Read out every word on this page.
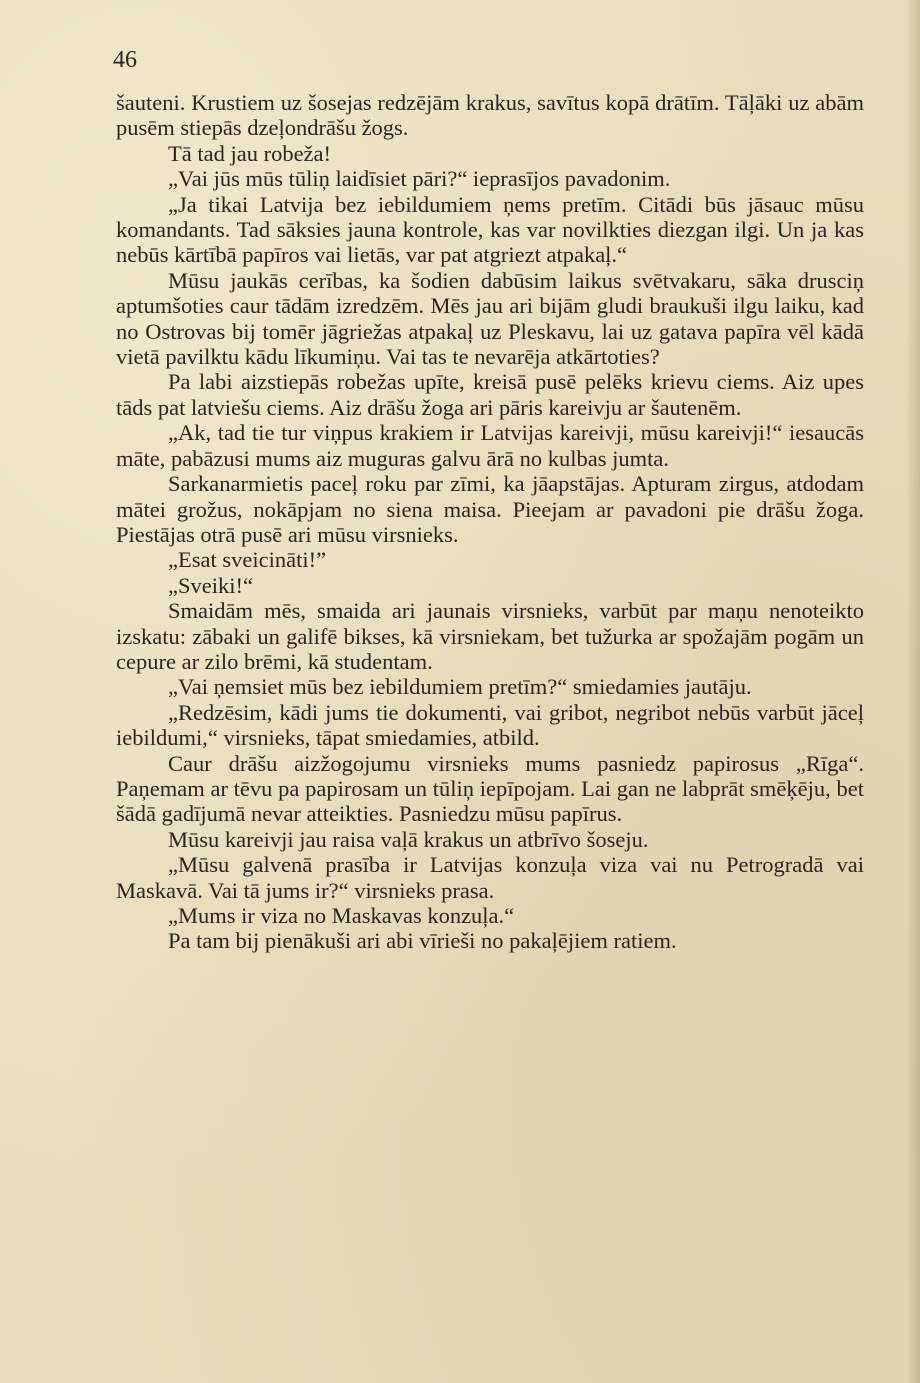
46

šauteni. Krustiem uz šosejas redzējām krakus, savītus kopā drātīm. Tāļāki uz abām pusēm stiepās dzeļondrāšu žogs.

Tā tad jau robeža!

„Vai jūs mūs tūliņ laidīsiet pāri?“ ieprasījos pavadonim.

„Ja tikai Latvija bez iebildumiem ņems pretīm. Citādi būs jāsauc mūsu komandants. Tad sāksies jauna kontrole, kas var novilkties diezgan ilgi. Un ja kas nebūs kārtībā papīros vai lietās, var pat atgriezt atpakaļ.“

Mūsu jaukās cerības, ka šodien dabūsim laikus svētvakaru, sāka drusciņ aptumšoties caur tādām izredzēm. Mēs jau ari bijām gludi braukuši ilgu laiku, kad no Ostrovas bij tomēr jāgriežas atpakaļ uz Pleskavu, lai uz gatava papīra vēl kādā vietā pavilktu kādu līkumiņu. Vai tas te nevarēja atkārtoties?

Pa labi aizstiepās robežas upīte, kreisā pusē pelēks krievu ciems. Aiz upes tāds pat latviešu ciems. Aiz drāšu žoga ari pāris kareivju ar šautenēm.

„Ak, tad tie tur viņpus krakiem ir Latvijas kareivji, mūsu kareivji!“ iesaucās māte, pabāzusi mums aiz muguras galvu ārā no kulbas jumta.

Sarkanarmietis paceļ roku par zīmi, ka jāapstājas. Apturam zirgus, atdodam mātei grožus, nokāpjam no siena maisa. Pieejam ar pavadoni pie drāšu žoga. Piestājas otrā pusē ari mūsu virsnieks.

„Esat sveicināti!”

„Sveiki!“

Smaidām mēs, smaida ari jaunais virsnieks, varbūt par maņu nenoteikto izskatu: zābaki un galifē bikses, kā virsniekam, bet tužurka ar spožajām pogām un cepure ar zilo brēmi, kā studentam.

„Vai ņemsiet mūs bez iebildumiem pretīm?“ smiedamies jautāju.

„Redzēsim, kādi jums tie dokumenti, vai gribot, negribot nebūs varbūt jāceļ iebildumi,“ virsnieks, tāpat smiedamies, atbild.

Caur drāšu aizžogojumu virsnieks mums pasniedz papirosus „Rīga“. Paņemam ar tēvu pa papirosam un tūliņ iepīpojam. Lai gan ne labprāt smēķēju, bet šādā gadījumā nevar atteikties. Pasniedzu mūsu papīrus.

Mūsu kareivji jau raisa vaļā krakus un atbrīvo šoseju.

„Mūsu galvenā prasība ir Latvijas konzuļa viza vai nu Petrogradā vai Maskavā. Vai tā jums ir?“ virsnieks prasa.

„Mums ir viza no Maskavas konzuļa.“

Pa tam bij pienākuši ari abi vīrieši no pakaļējiem ratiem.
